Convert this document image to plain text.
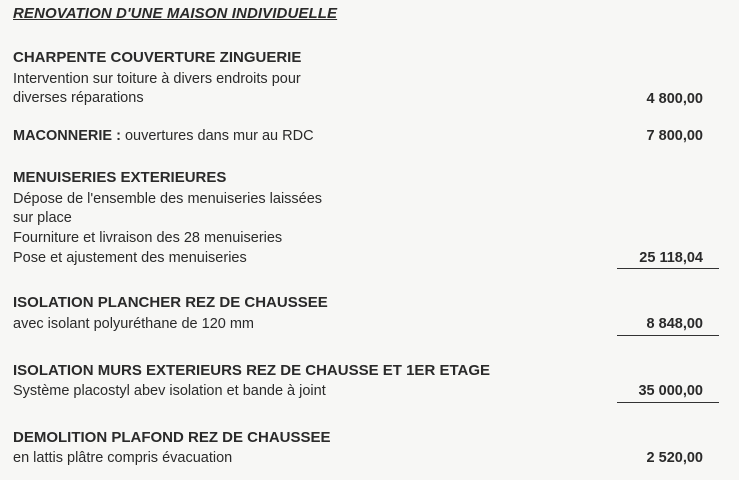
RENOVATION D'UNE MAISON INDIVIDUELLE
CHARPENTE COUVERTURE ZINGUERIE
Intervention sur toiture à divers endroits pour
diverses réparations	4 800,00
MACONNERIE : ouvertures dans mur au RDC	7 800,00
MENUISERIES EXTERIEURES
Dépose de l'ensemble des menuiseries laissées
sur place
Fourniture et livraison des 28 menuiseries
Pose et ajustement des menuiseries	25 118,04
ISOLATION PLANCHER REZ DE CHAUSSEE
avec isolant polyuréthane de 120 mm	8 848,00
ISOLATION MURS EXTERIEURS REZ DE CHAUSSE ET 1ER ETAGE
Système placostyl abev isolation et bande à joint	35 000,00
DEMOLITION PLAFOND REZ DE CHAUSSEE
en lattis plâtre compris évacuation	2 520,00
